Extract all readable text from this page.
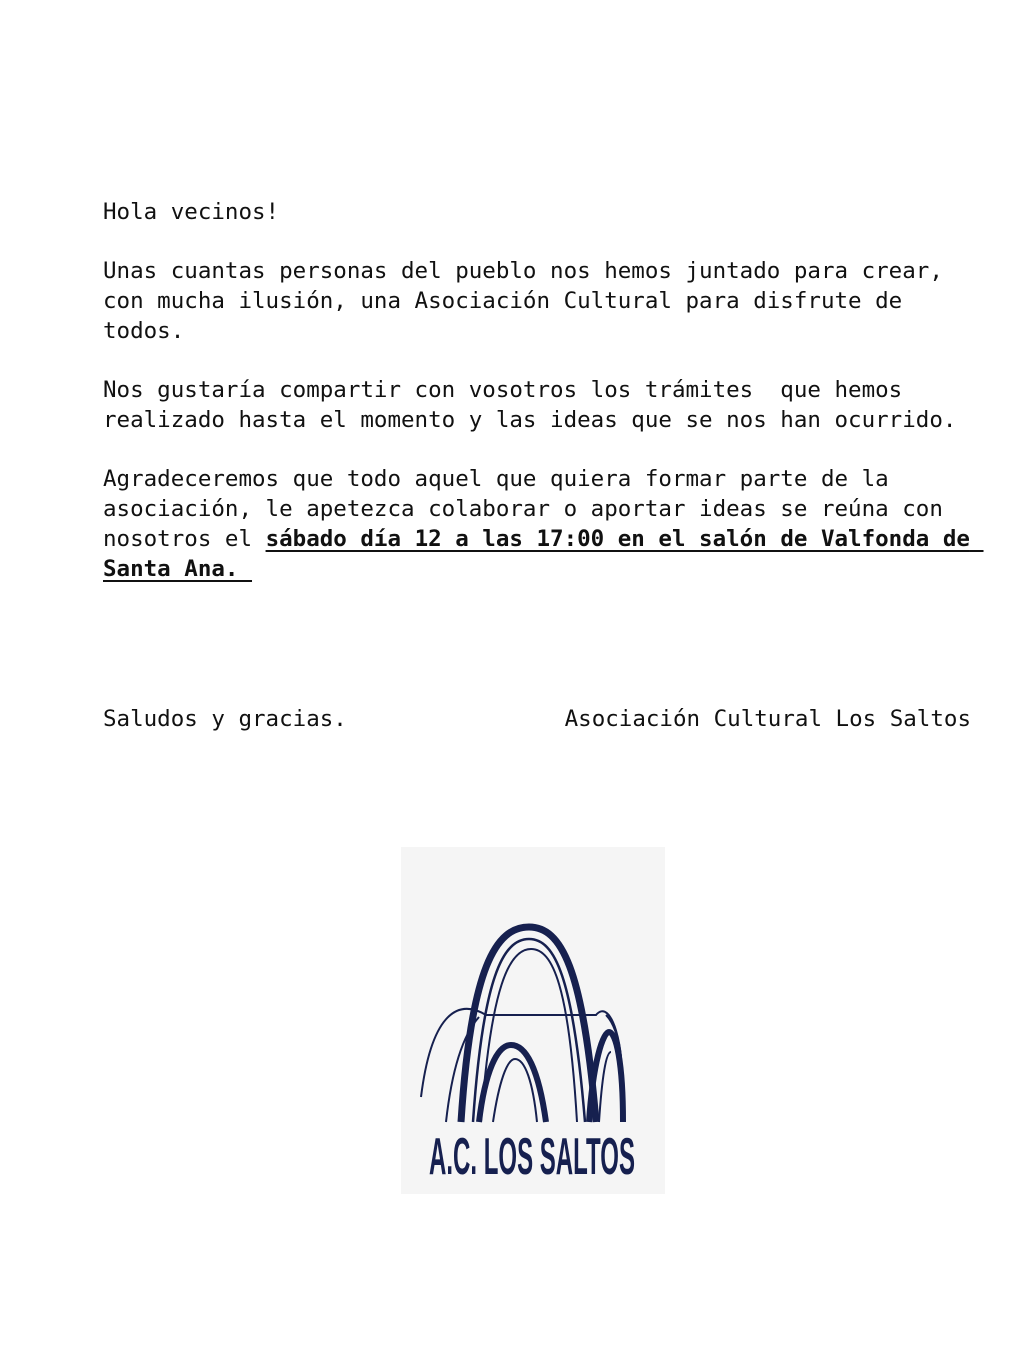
Hola vecinos!

Unas cuantas personas del pueblo nos hemos juntado para crear, con mucha ilusión, una Asociación Cultural para disfrute de todos.

Nos gustaría compartir con vosotros los trámites  que hemos realizado hasta el momento y las ideas que se nos han ocurrido.

Agradeceremos que todo aquel que quiera formar parte de la asociación, le apetezca colaborar o aportar ideas se reúna con nosotros el sábado día 12 a las 17:00 en el salón de Valfonda de Santa Ana.

Saludos y gracias.	Asociación Cultural Los Saltos
A.C. LOS SALTOS
